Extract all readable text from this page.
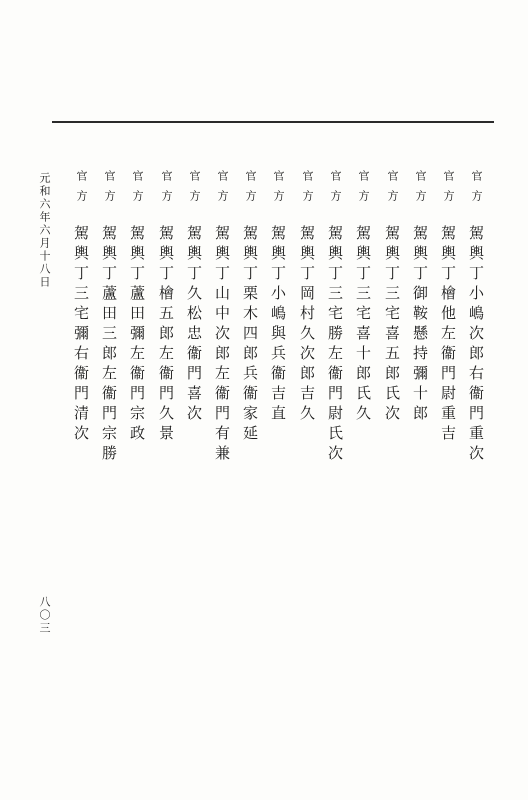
官方
駕輿丁小嶋次郎右衞門重次
官方
駕輿丁檜他左衞門尉重吉
官方
駕輿丁御鞍懸持彌十郎
官方
駕輿丁三宅喜五郎氏次
官方
駕輿丁三宅喜十郎氏久
官方
駕輿丁三宅勝左衞門尉氏次
官方
駕輿丁岡村久次郎吉久
官方
駕輿丁小嶋與兵衞吉直
官方
駕輿丁栗木四郎兵衞家延
官方
駕輿丁山中次郎左衞門有兼
官方
駕輿丁久松忠衞門喜次
官方
駕輿丁檜五郎左衞門久景
官方
駕輿丁蘆田彌左衞門宗政
官方
駕輿丁蘆田三郎左衞門宗勝
官方
駕輿丁三宅彌右衞門清次
元和六年六月十八日
八〇三
